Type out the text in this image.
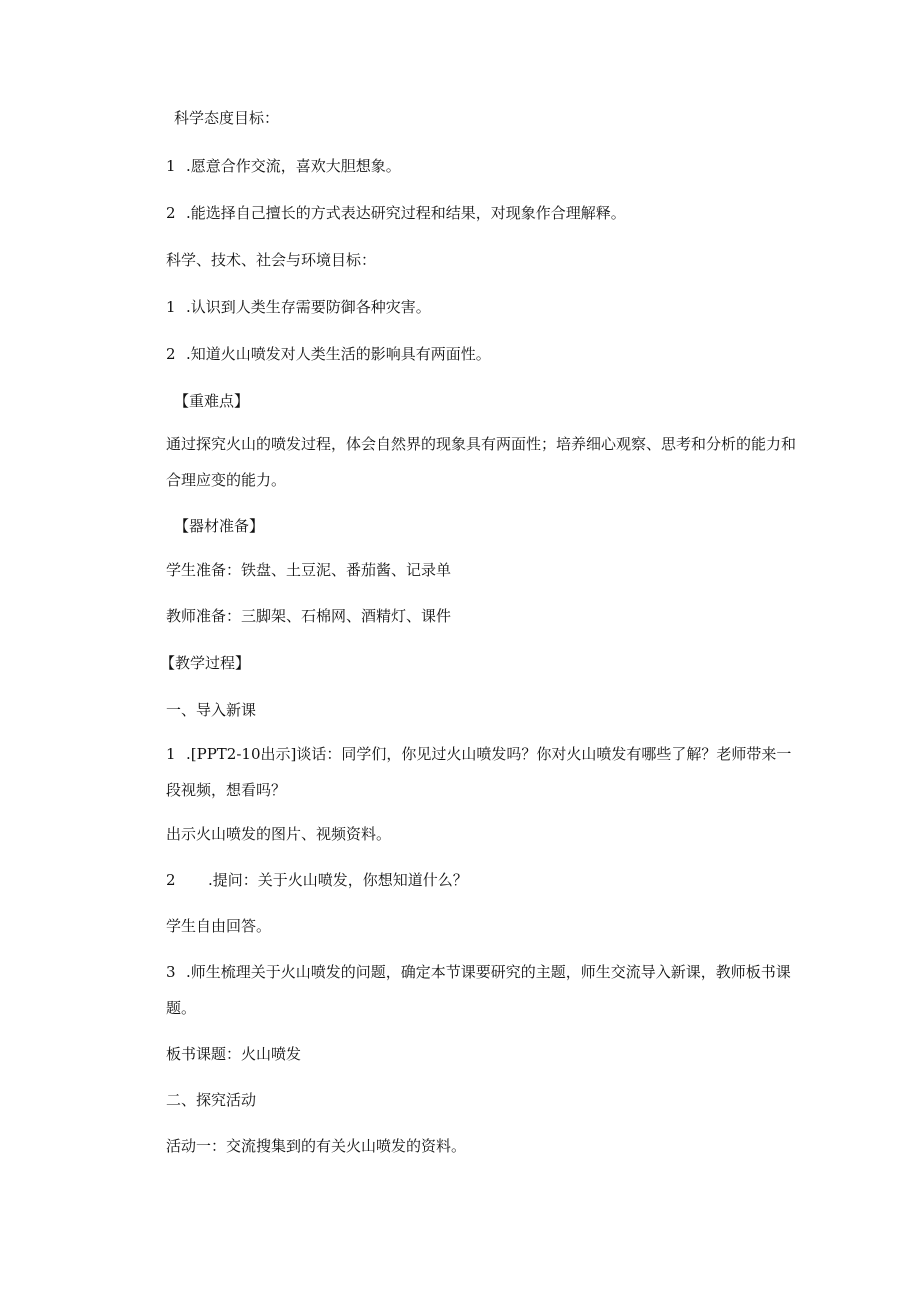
科学态度目标：

1 .愿意合作交流，喜欢大胆想象。

2 .能选择自己擅长的方式表达研究过程和结果，对现象作合理解释。

科学、技术、社会与环境目标：

1 .认识到人类生存需要防御各种灾害。

2 .知道火山喷发对人类生活的影响具有两面性。

【重难点】

通过探究火山的喷发过程，体会自然界的现象具有两面性；培养细心观察、思考和分析的能力和合理应变的能力。

【器材准备】

学生准备：铁盘、土豆泥、番茄酱、记录单

教师准备：三脚架、石棉网、酒精灯、课件

【教学过程】

一、导入新课

1 .[PPT2-10出示]谈话：同学们，你见过火山喷发吗？你对火山喷发有哪些了解？老师带来一段视频，想看吗？

出示火山喷发的图片、视频资料。

2 .提问：关于火山喷发，你想知道什么？

学生自由回答。

3 .师生梳理关于火山喷发的问题，确定本节课要研究的主题，师生交流导入新课，教师板书课题。

板书课题：火山喷发

二、探究活动

活动一：交流搜集到的有关火山喷发的资料。
